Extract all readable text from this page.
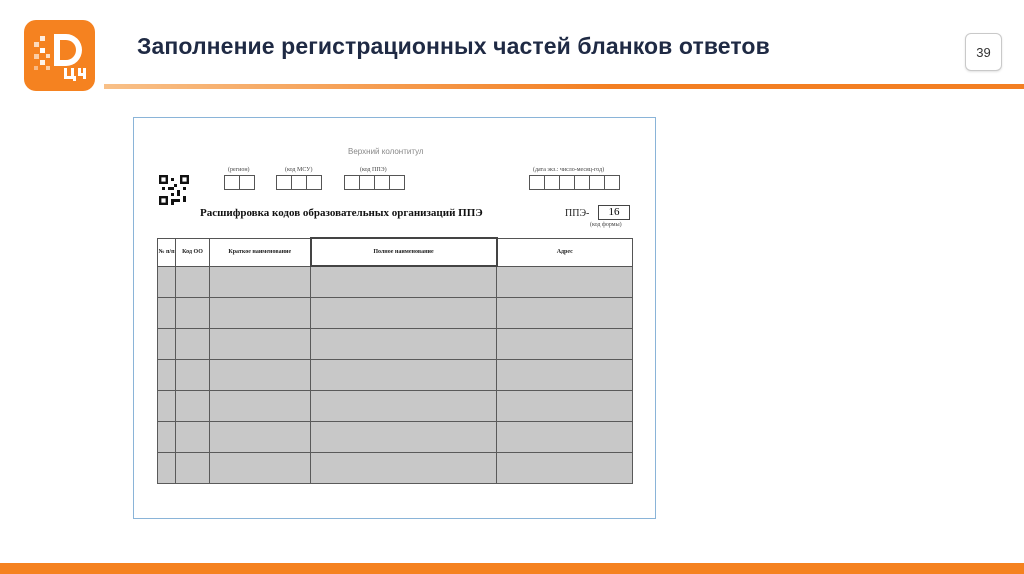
Заполнение регистрационных частей бланков ответов	39
Верхний колонтитул
(регион)	(код МСУ)	(код ППЭ)	(дата экз.: число-месяц-год)
Расшифровка кодов образовательных организаций ППЭ	ППЭ-	16
(код формы)
№ п/п	Код ОО	Краткое наименование	Полное наименование	Адрес
